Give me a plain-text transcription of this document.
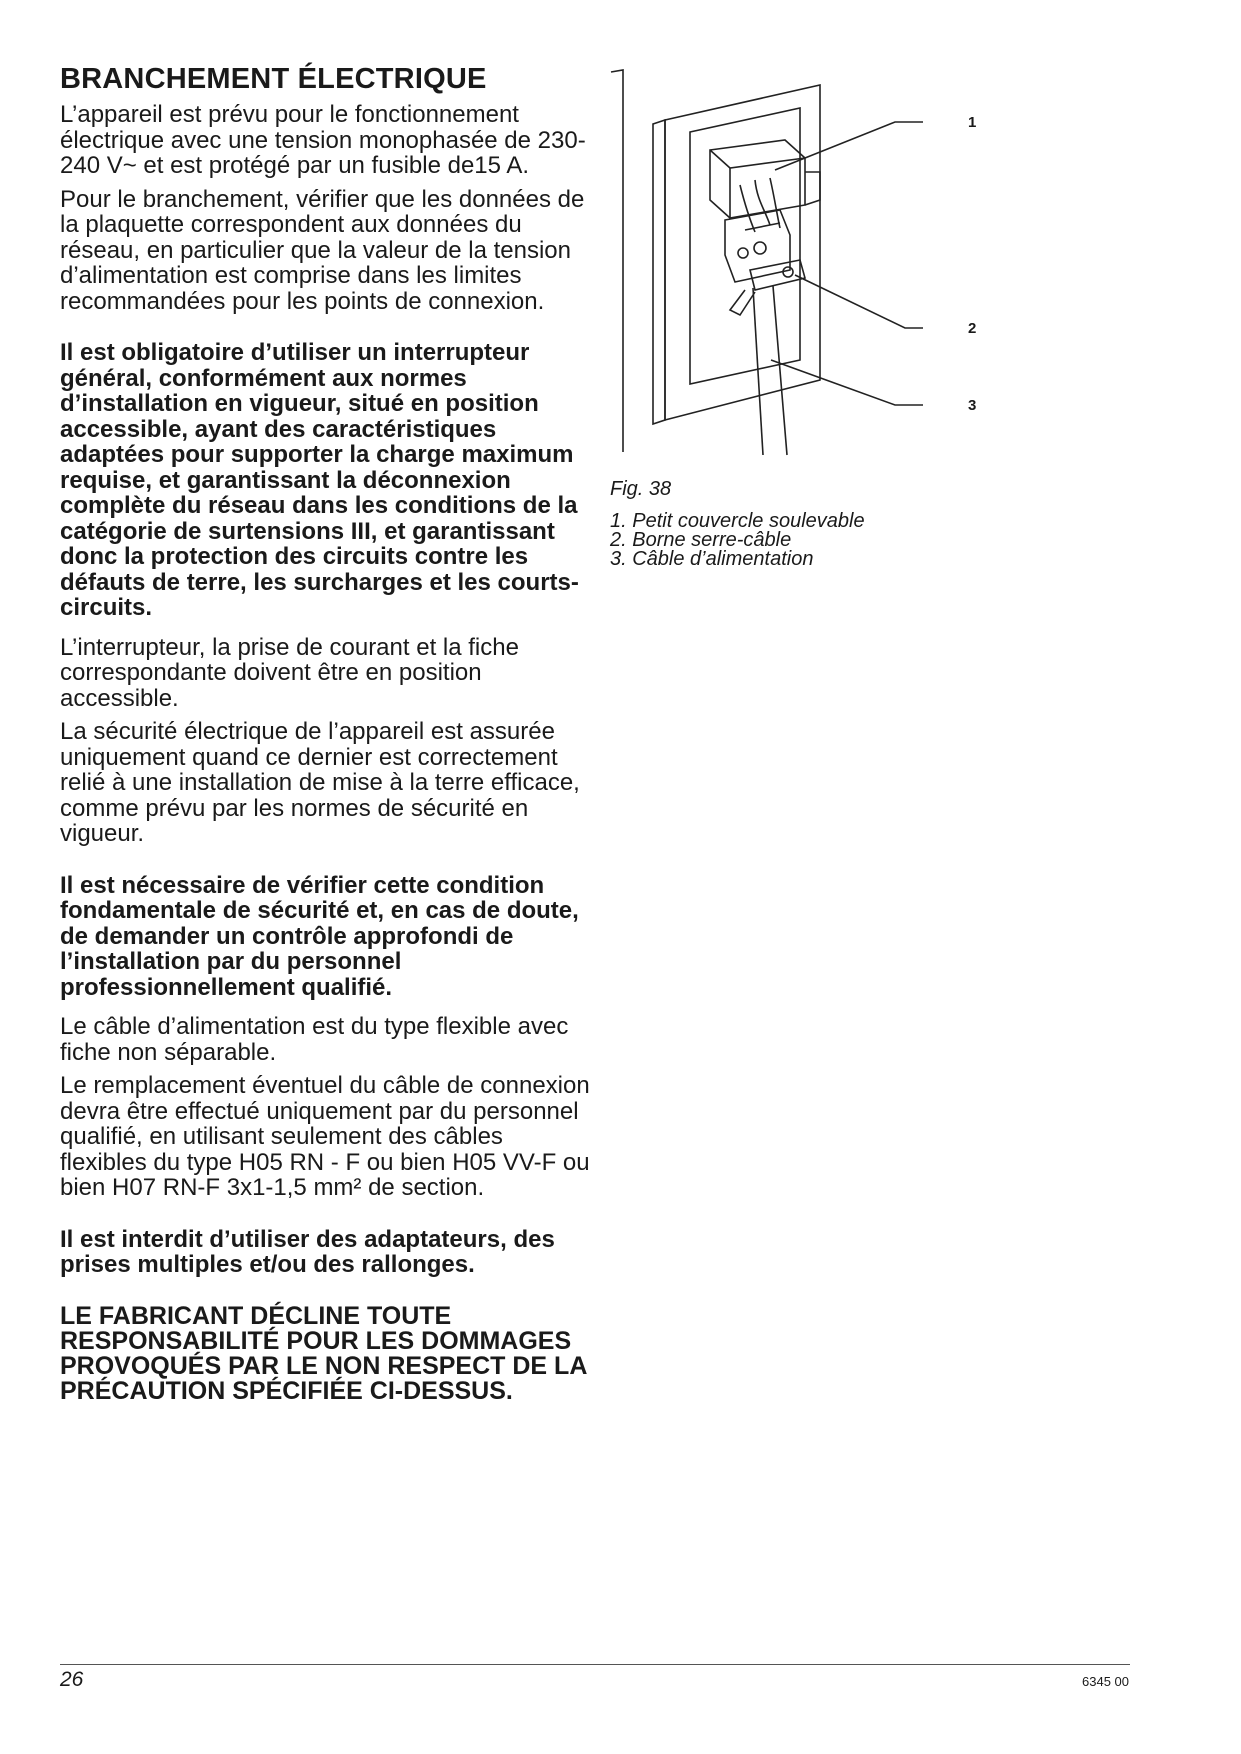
BRANCHEMENT ÉLECTRIQUE

L’appareil est prévu pour le fonctionnement électrique avec une tension monophasée de 230-240 V~ et est protégé par un fusible de15 A.

Pour le branchement, vérifier que les données de la plaquette correspondent aux données du réseau, en particulier que la valeur de la tension d’alimentation est comprise dans les limites recommandées pour les points de connexion.

Il est obligatoire d’utiliser un interrupteur général, conformément aux normes d’installation en vigueur, situé en position accessible, ayant des caractéristiques adaptées pour supporter la charge maximum requise, et garantissant la déconnexion complète du réseau dans les conditions de la catégorie de surtensions III, et garantissant donc la protection des circuits contre les défauts de terre, les surcharges et les courts-circuits.

L’interrupteur, la prise de courant et la fiche correspondante doivent être en position accessible.

La sécurité électrique de l’appareil est assurée uniquement quand ce dernier est correctement relié à une installation de mise à la terre efficace, comme prévu par les normes de sécurité en vigueur.

Il est nécessaire de vérifier cette condition fondamentale de sécurité et, en cas de doute, de demander un contrôle approfondi de l’installation par du personnel professionnellement qualifié.

Le câble d’alimentation est du type flexible avec fiche non séparable.

Le remplacement éventuel du câble de connexion devra être effectué uniquement par du personnel qualifié, en utilisant seulement des câbles flexibles du type H05 RN - F ou bien H05 VV-F ou bien H07 RN-F 3x1-1,5 mm² de section.

Il est interdit d’utiliser des adaptateurs, des prises multiples et/ou des rallonges.

LE FABRICANT DÉCLINE TOUTE RESPONSABILITÉ POUR LES DOMMAGES PROVOQUÉS PAR LE NON RESPECT DE LA PRÉCAUTION SPÉCIFIÉE CI-DESSUS.

1
2
3
Fig. 38
1. Petit couvercle soulevable
2. Borne serre-câble
3. Câble d’alimentation
26	6345 00
